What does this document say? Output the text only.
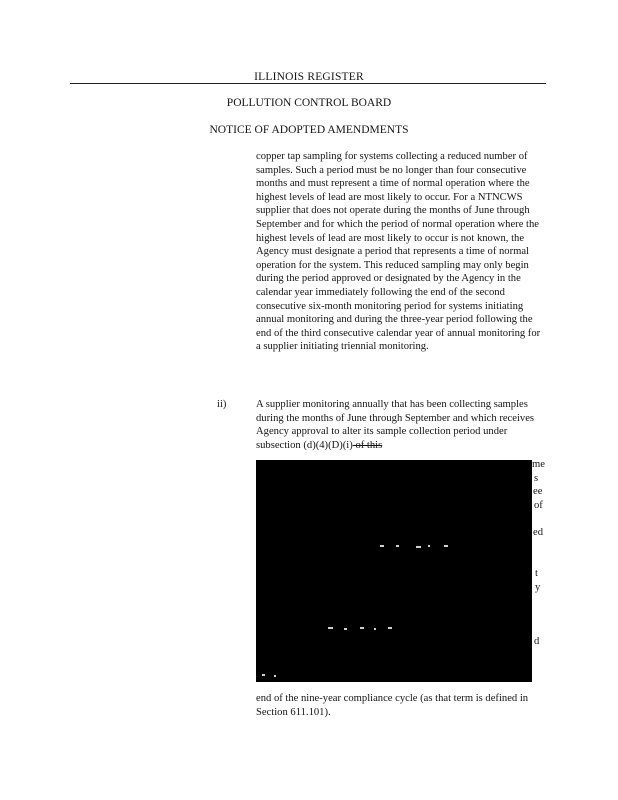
ILLINOIS REGISTER
POLLUTION CONTROL BOARD
NOTICE OF ADOPTED AMENDMENTS
copper tap sampling for systems collecting a reduced number of samples. Such a period must be no longer than four consecutive months and must represent a time of normal operation where the highest levels of lead are most likely to occur. For a NTNCWS supplier that does not operate during the months of June through September and for which the period of normal operation where the highest levels of lead are most likely to occur is not known, the Agency must designate a period that represents a time of normal operation for the system. This reduced sampling may only begin during the period approved or designated by the Agency in the calendar year immediately following the end of the second consecutive six-month monitoring period for systems initiating annual monitoring and during the three-year period following the end of the third consecutive calendar year of annual monitoring for a supplier initiating triennial monitoring.
ii)	A supplier monitoring annually that has been collecting samples during the months of June through September and which receives Agency approval to alter its sample collection period under subsection (d)(4)(D)(i) of this
me
s
ee
of
ed
t
y
d
end of the nine-year compliance cycle (as that term is defined in Section 611.101).
